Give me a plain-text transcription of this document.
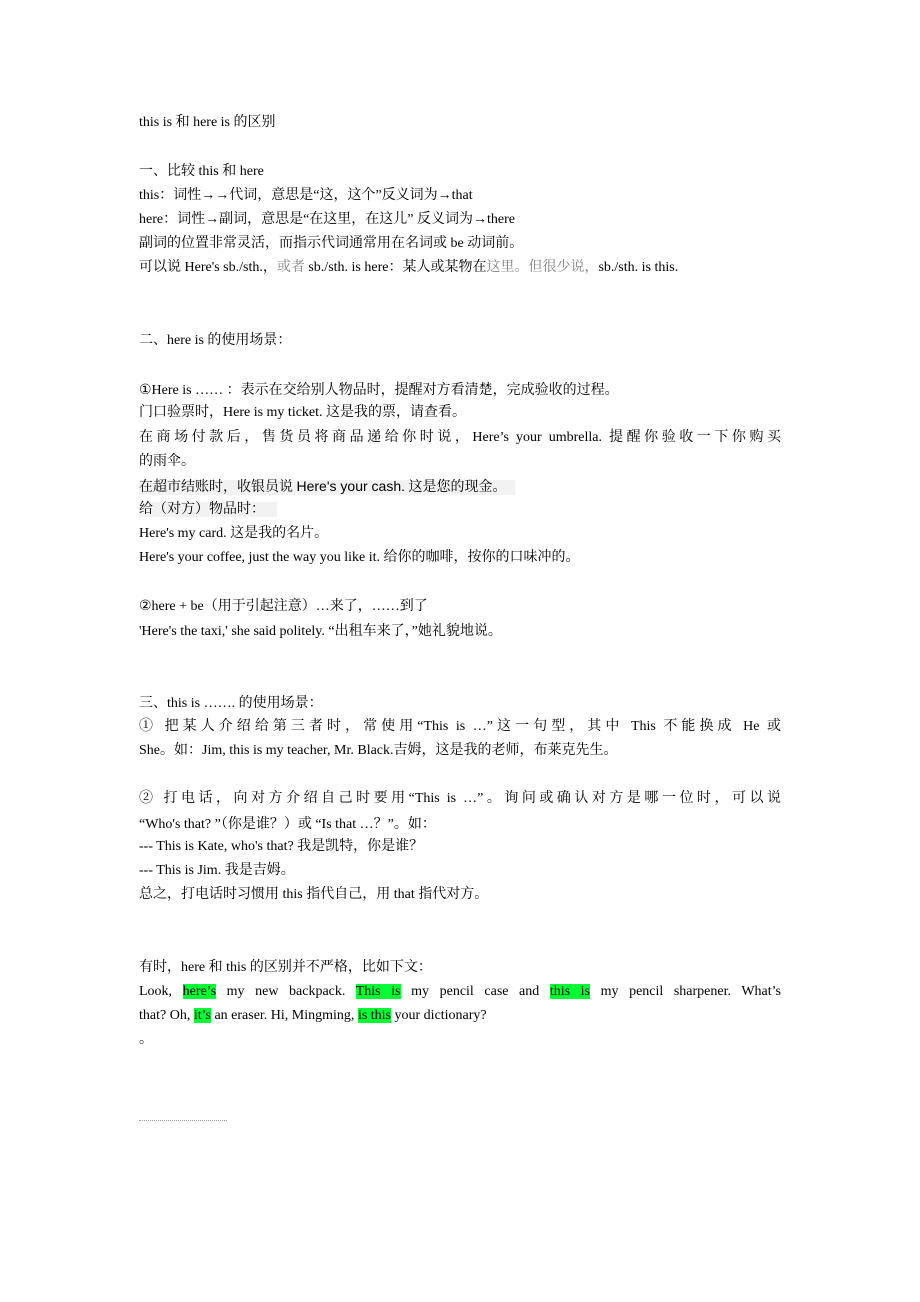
this is 和 here is 的区别
一、比较 this 和 here
this：词性→→代词，意思是“这，这个”反义词为→that
here：词性→副词，意思是“在这里，在这儿” 反义词为→there
副词的位置非常灵活，而指示代词通常用在名词或 be 动词前。
可以说 Here's sb./sth.，或者 sb./sth. is here：某人或某物在这里。但很少说，sb./sth. is this.
二、here is 的使用场景：
①Here is …… ：表示在交给别人物品时，提醒对方看清楚，完成验收的过程。
门口验票时，Here is my ticket. 这是我的票，请查看。
在商场付款后，售货员将商品递给你时说，Here’s your umbrella. 提醒你验收一下你购买
的雨伞。
在超市结账时，收银员说 Here's your cash. 这是您的现金。
给（对方）物品时：
Here's my card. 这是我的名片。
Here's your coffee, just the way you like it. 给你的咖啡，按你的口味冲的。
②here + be（用于引起注意）…来了，……到了
'Here's the taxi,' she said politely. “出租车来了，”她礼貌地说。
三、this is ……. 的使用场景：
① 把某人介绍给第三者时，常使用“This is …”这一句型，其中 This 不能换成 He 或
She。如：Jim, this is my teacher, Mr. Black.吉姆，这是我的老师，布莱克先生。
② 打电话，向对方介绍自己时要用“This is …”。询问或确认对方是哪一位时，可以说
“Who's that? ”（你是谁？）或 “Is that …？”。如：
--- This is Kate, who's that? 我是凯特，你是谁？
--- This is Jim. 我是吉姆。
总之，打电话时习惯用 this 指代自己，用 that 指代对方。
有时，here 和 this 的区别并不严格，比如下文：
Look, here’s my new backpack. This is my pencil case and this is my pencil sharpener. What’s
that? Oh, it’s an eraser. Hi, Mingming, is this your dictionary?
。
